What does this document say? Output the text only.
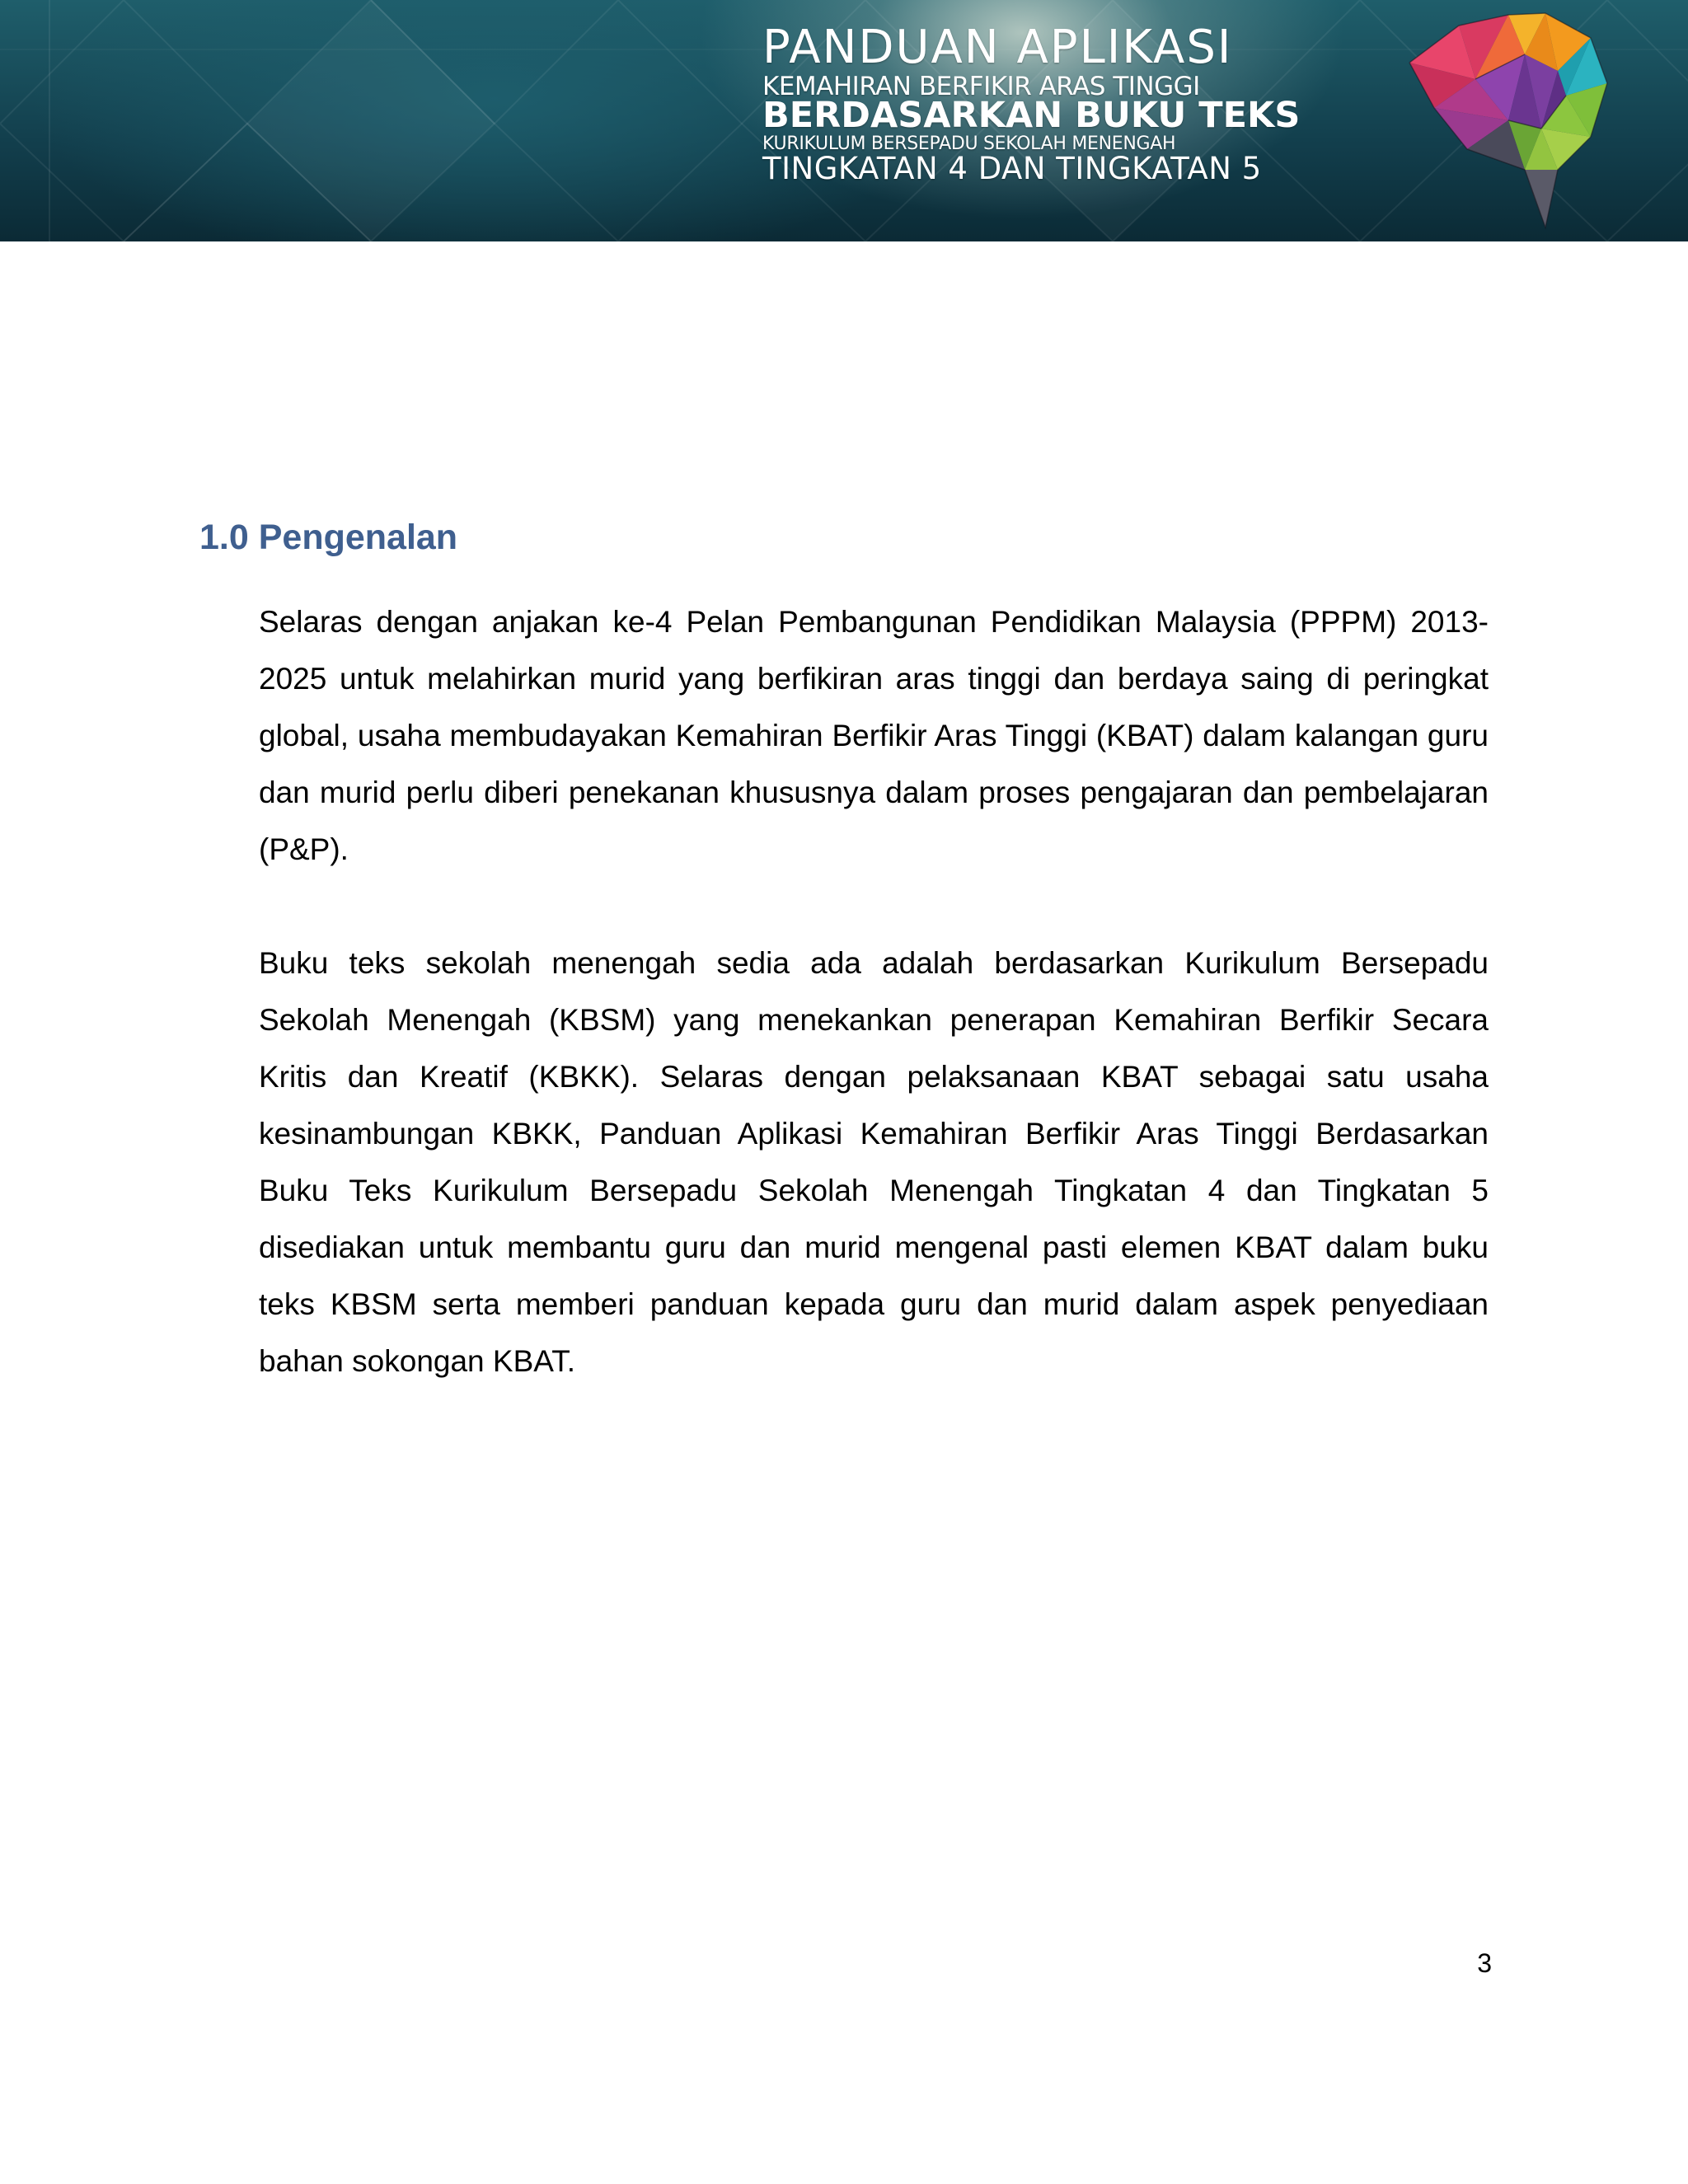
PANDUAN APLIKASI
KEMAHIRAN BERFIKIR ARAS TINGGI
BERDASARKAN BUKU TEKS
KURIKULUM BERSEPADU SEKOLAH MENENGAH
TINGKATAN 4 DAN TINGKATAN 5
1.0 Pengenalan

Selaras dengan anjakan ke-4 Pelan Pembangunan Pendidikan Malaysia (PPPM) 2013-2025 untuk melahirkan murid yang berfikiran aras tinggi dan berdaya saing di peringkat global, usaha membudayakan Kemahiran Berfikir Aras Tinggi (KBAT) dalam kalangan guru dan murid perlu diberi penekanan khususnya dalam proses pengajaran dan pembelajaran (P&P).

Buku teks sekolah menengah sedia ada adalah berdasarkan Kurikulum Bersepadu Sekolah Menengah (KBSM) yang menekankan penerapan Kemahiran Berfikir Secara Kritis dan Kreatif (KBKK). Selaras dengan pelaksanaan KBAT sebagai satu usaha kesinambungan KBKK, Panduan Aplikasi Kemahiran Berfikir Aras Tinggi Berdasarkan Buku Teks Kurikulum Bersepadu Sekolah Menengah Tingkatan 4 dan Tingkatan 5 disediakan untuk membantu guru dan murid mengenal pasti elemen KBAT dalam buku teks KBSM serta memberi panduan kepada guru dan murid dalam aspek penyediaan bahan sokongan KBAT.

3
